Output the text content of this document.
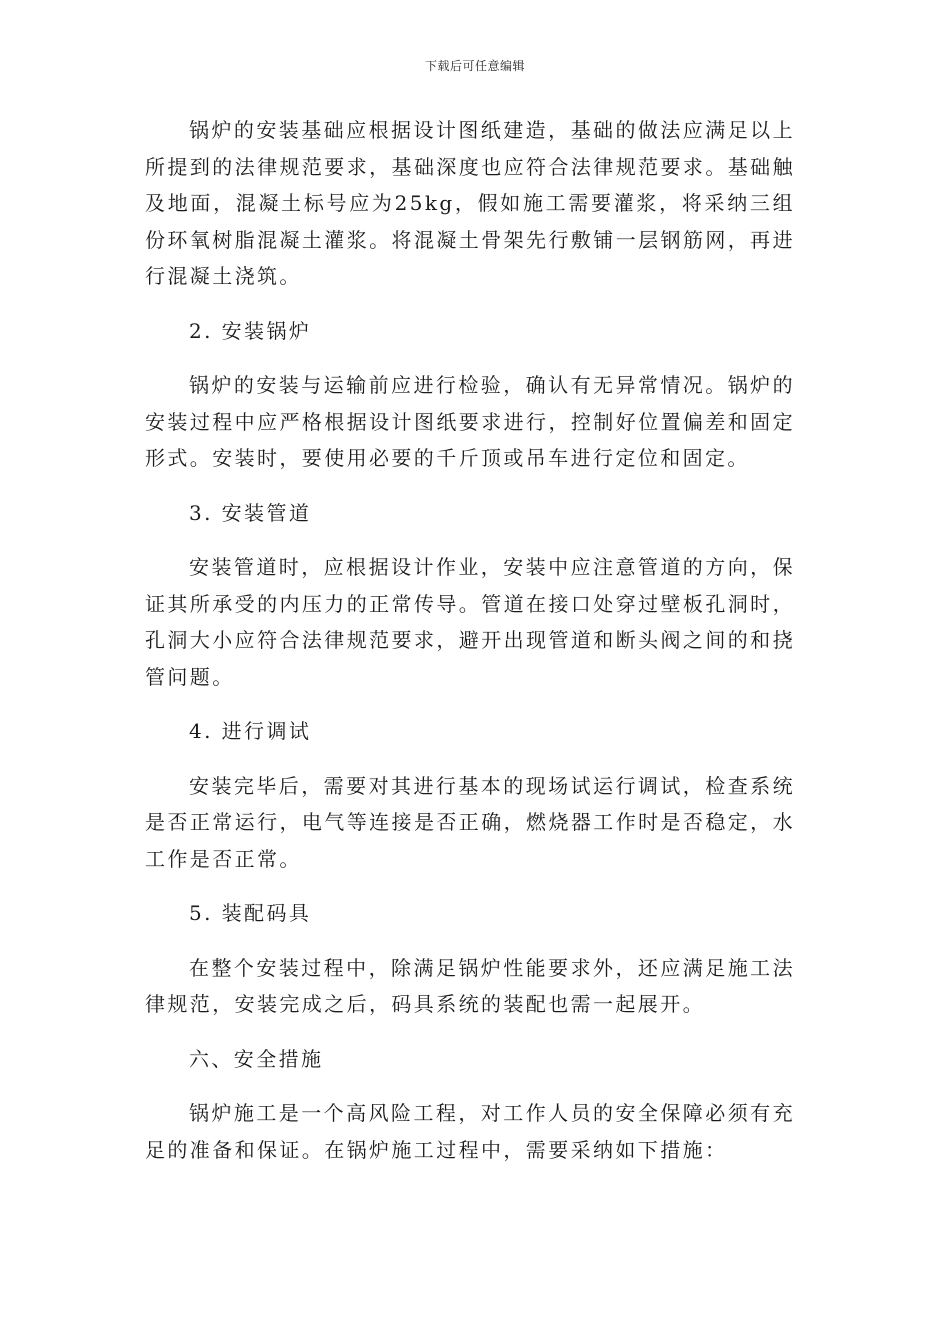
下载后可任意编辑

锅炉的安装基础应根据设计图纸建造，基础的做法应满足以上所提到的法律规范要求，基础深度也应符合法律规范要求。基础触及地面，混凝土标号应为25kg，假如施工需要灌浆，将采纳三组份环氧树脂混凝土灌浆。将混凝土骨架先行敷铺一层钢筋网，再进行混凝土浇筑。

2. 安装锅炉

锅炉的安装与运输前应进行检验，确认有无异常情况。锅炉的安装过程中应严格根据设计图纸要求进行，控制好位置偏差和固定形式。安装时，要使用必要的千斤顶或吊车进行定位和固定。

3. 安装管道

安装管道时，应根据设计作业，安装中应注意管道的方向，保证其所承受的内压力的正常传导。管道在接口处穿过壁板孔洞时，孔洞大小应符合法律规范要求，避开出现管道和断头阀之间的和挠管问题。

4. 进行调试

安装完毕后，需要对其进行基本的现场试运行调试，检查系统是否正常运行，电气等连接是否正确，燃烧器工作时是否稳定，水工作是否正常。

5. 装配码具

在整个安装过程中，除满足锅炉性能要求外，还应满足施工法律规范，安装完成之后，码具系统的装配也需一起展开。

六、安全措施

锅炉施工是一个高风险工程，对工作人员的安全保障必须有充足的准备和保证。在锅炉施工过程中，需要采纳如下措施：
